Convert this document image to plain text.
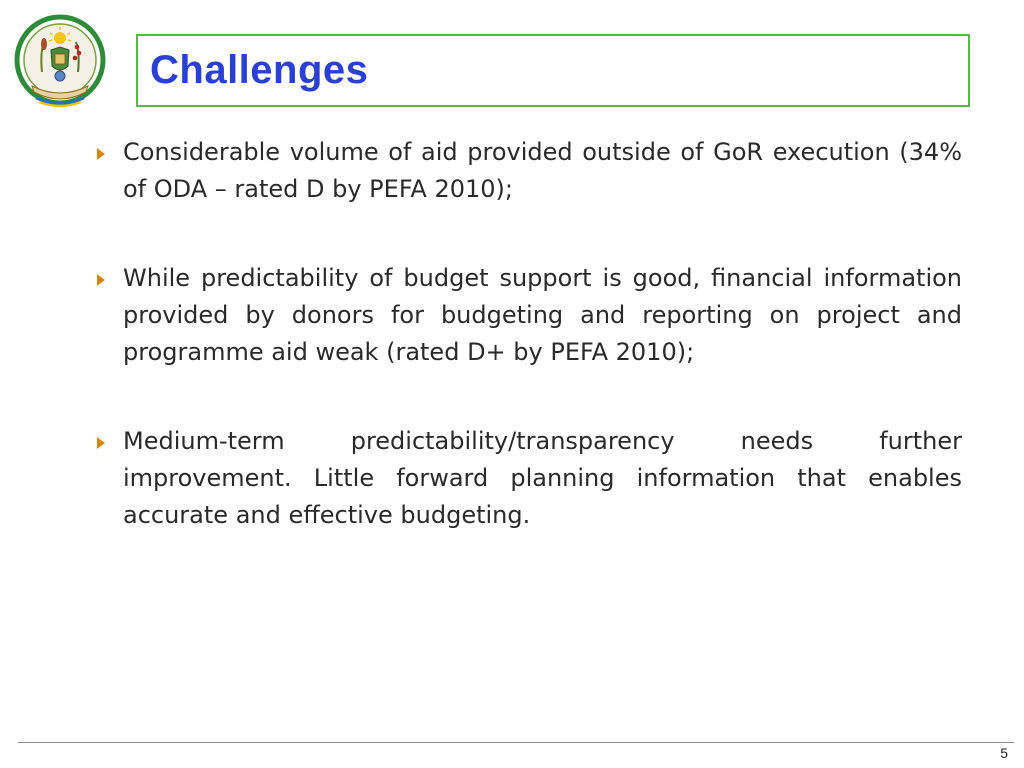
Challenges
Considerable volume of aid provided outside of GoR execution (34% of ODA – rated D by PEFA 2010);
While predictability of budget support is good, financial information provided by donors for budgeting and reporting on project and programme aid weak (rated D+ by PEFA 2010);
Medium-term predictability/transparency needs further improvement. Little forward planning information that enables accurate and effective budgeting.
5
